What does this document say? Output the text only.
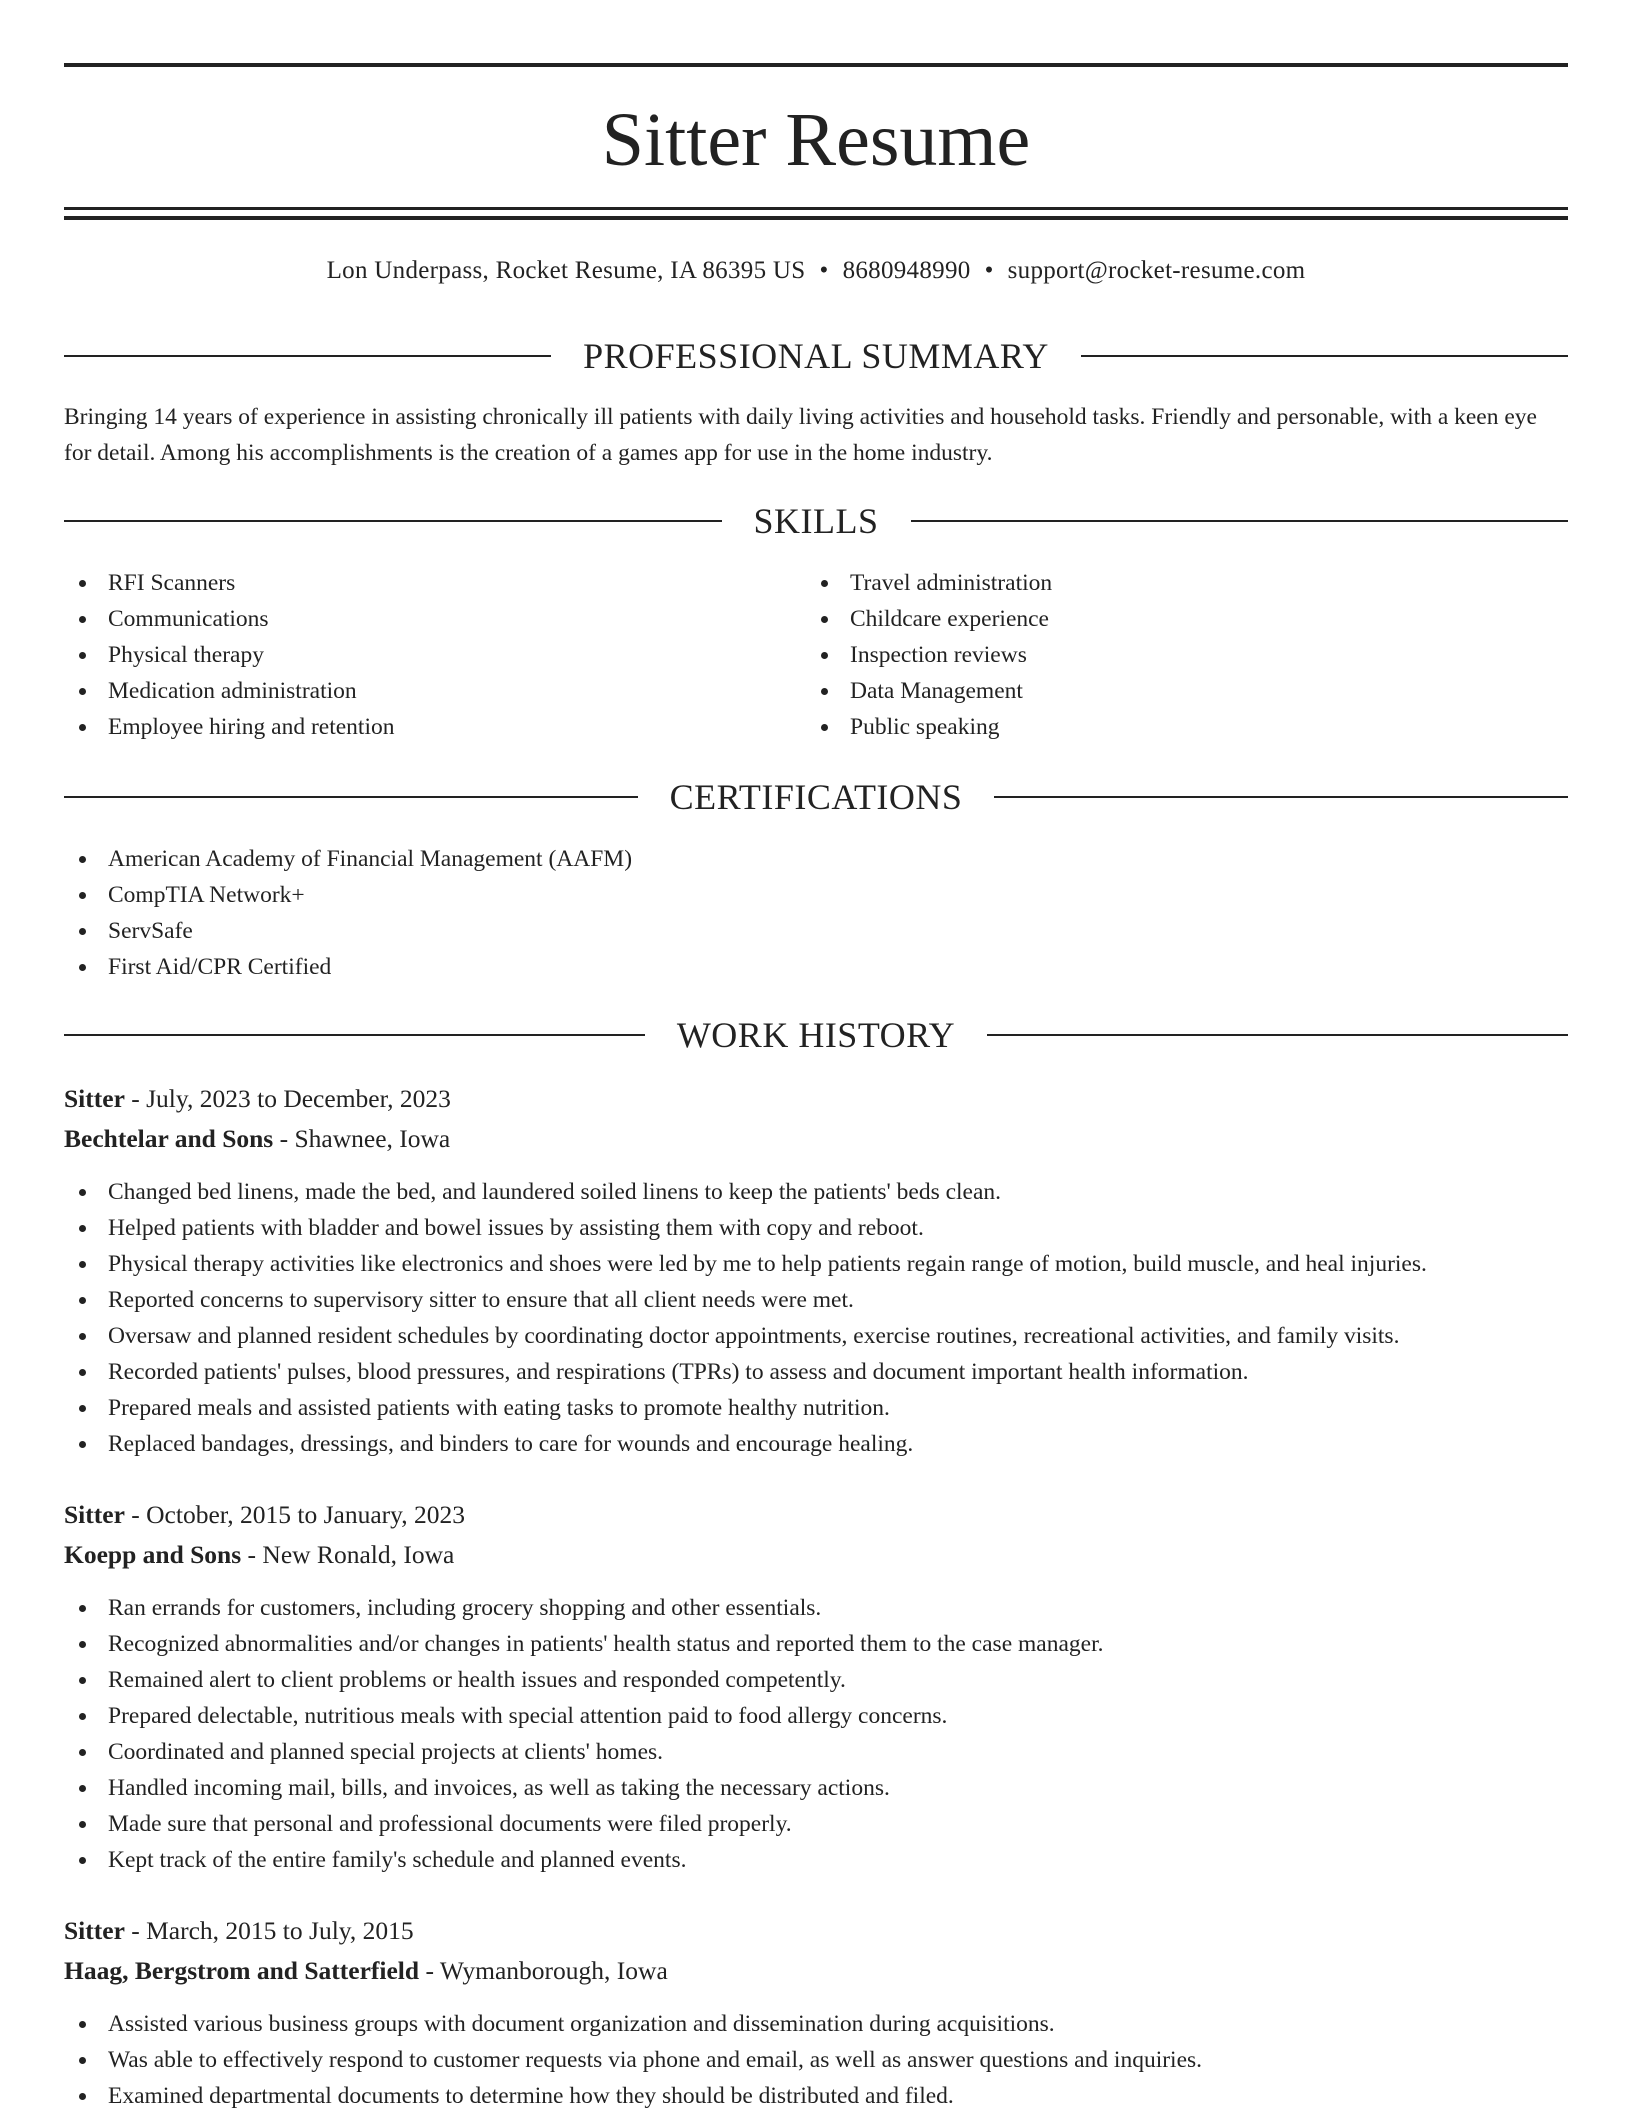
Sitter Resume
Lon Underpass, Rocket Resume, IA 86395 US • 8680948990 • support@rocket-resume.com
PROFESSIONAL SUMMARY

Bringing 14 years of experience in assisting chronically ill patients with daily living activities and household tasks. Friendly and personable, with a keen eye for detail. Among his accomplishments is the creation of a games app for use in the home industry.

SKILLS
RFI Scanners
Communications
Physical therapy
Medication administration
Employee hiring and retention
Travel administration
Childcare experience
Inspection reviews
Data Management
Public speaking
CERTIFICATIONS
American Academy of Financial Management (AAFM)
CompTIA Network+
ServSafe
First Aid/CPR Certified
WORK HISTORY
Sitter - July, 2023 to December, 2023
Bechtelar and Sons - Shawnee, Iowa
Changed bed linens, made the bed, and laundered soiled linens to keep the patients' beds clean.
Helped patients with bladder and bowel issues by assisting them with copy and reboot.
Physical therapy activities like electronics and shoes were led by me to help patients regain range of motion, build muscle, and heal injuries.
Reported concerns to supervisory sitter to ensure that all client needs were met.
Oversaw and planned resident schedules by coordinating doctor appointments, exercise routines, recreational activities, and family visits.
Recorded patients' pulses, blood pressures, and respirations (TPRs) to assess and document important health information.
Prepared meals and assisted patients with eating tasks to promote healthy nutrition.
Replaced bandages, dressings, and binders to care for wounds and encourage healing.
Sitter - October, 2015 to January, 2023
Koepp and Sons - New Ronald, Iowa
Ran errands for customers, including grocery shopping and other essentials.
Recognized abnormalities and/or changes in patients' health status and reported them to the case manager.
Remained alert to client problems or health issues and responded competently.
Prepared delectable, nutritious meals with special attention paid to food allergy concerns.
Coordinated and planned special projects at clients' homes.
Handled incoming mail, bills, and invoices, as well as taking the necessary actions.
Made sure that personal and professional documents were filed properly.
Kept track of the entire family's schedule and planned events.
Sitter - March, 2015 to July, 2015
Haag, Bergstrom and Satterfield - Wymanborough, Iowa
Assisted various business groups with document organization and dissemination during acquisitions.
Was able to effectively respond to customer requests via phone and email, as well as answer questions and inquiries.
Examined departmental documents to determine how they should be distributed and filed.
